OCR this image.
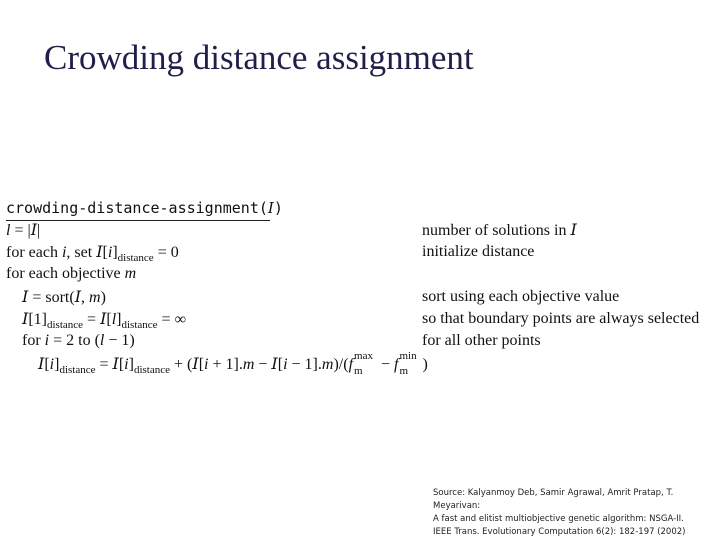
Crowding distance assignment
crowding-distance-assignment(I)
l = |I|
for each i, set $I[i]_{distance} = 0$
for each objective m
I = sort(I, m)
$I[1]_{distance} = I[l]_{distance}$ = ∞
for i = 2 to (l − 1)
$I[i]_{distance} = I[i]_{distance} + (I[i + 1].m - I[i - 1].m)/(f$ max
m − f min
m )
number of solutions in I
initialize distance
sort using each objective value
so that boundary points are always selected
for all other points
Source: Kalyanmoy Deb, Samir Agrawal, Amrit Pratap, T.
Meyarivan:
A fast and elitist multiobjective genetic algorithm: NSGA-II.
IEEE Trans. Evolutionary Computation 6(2): 182-197 (2002)
